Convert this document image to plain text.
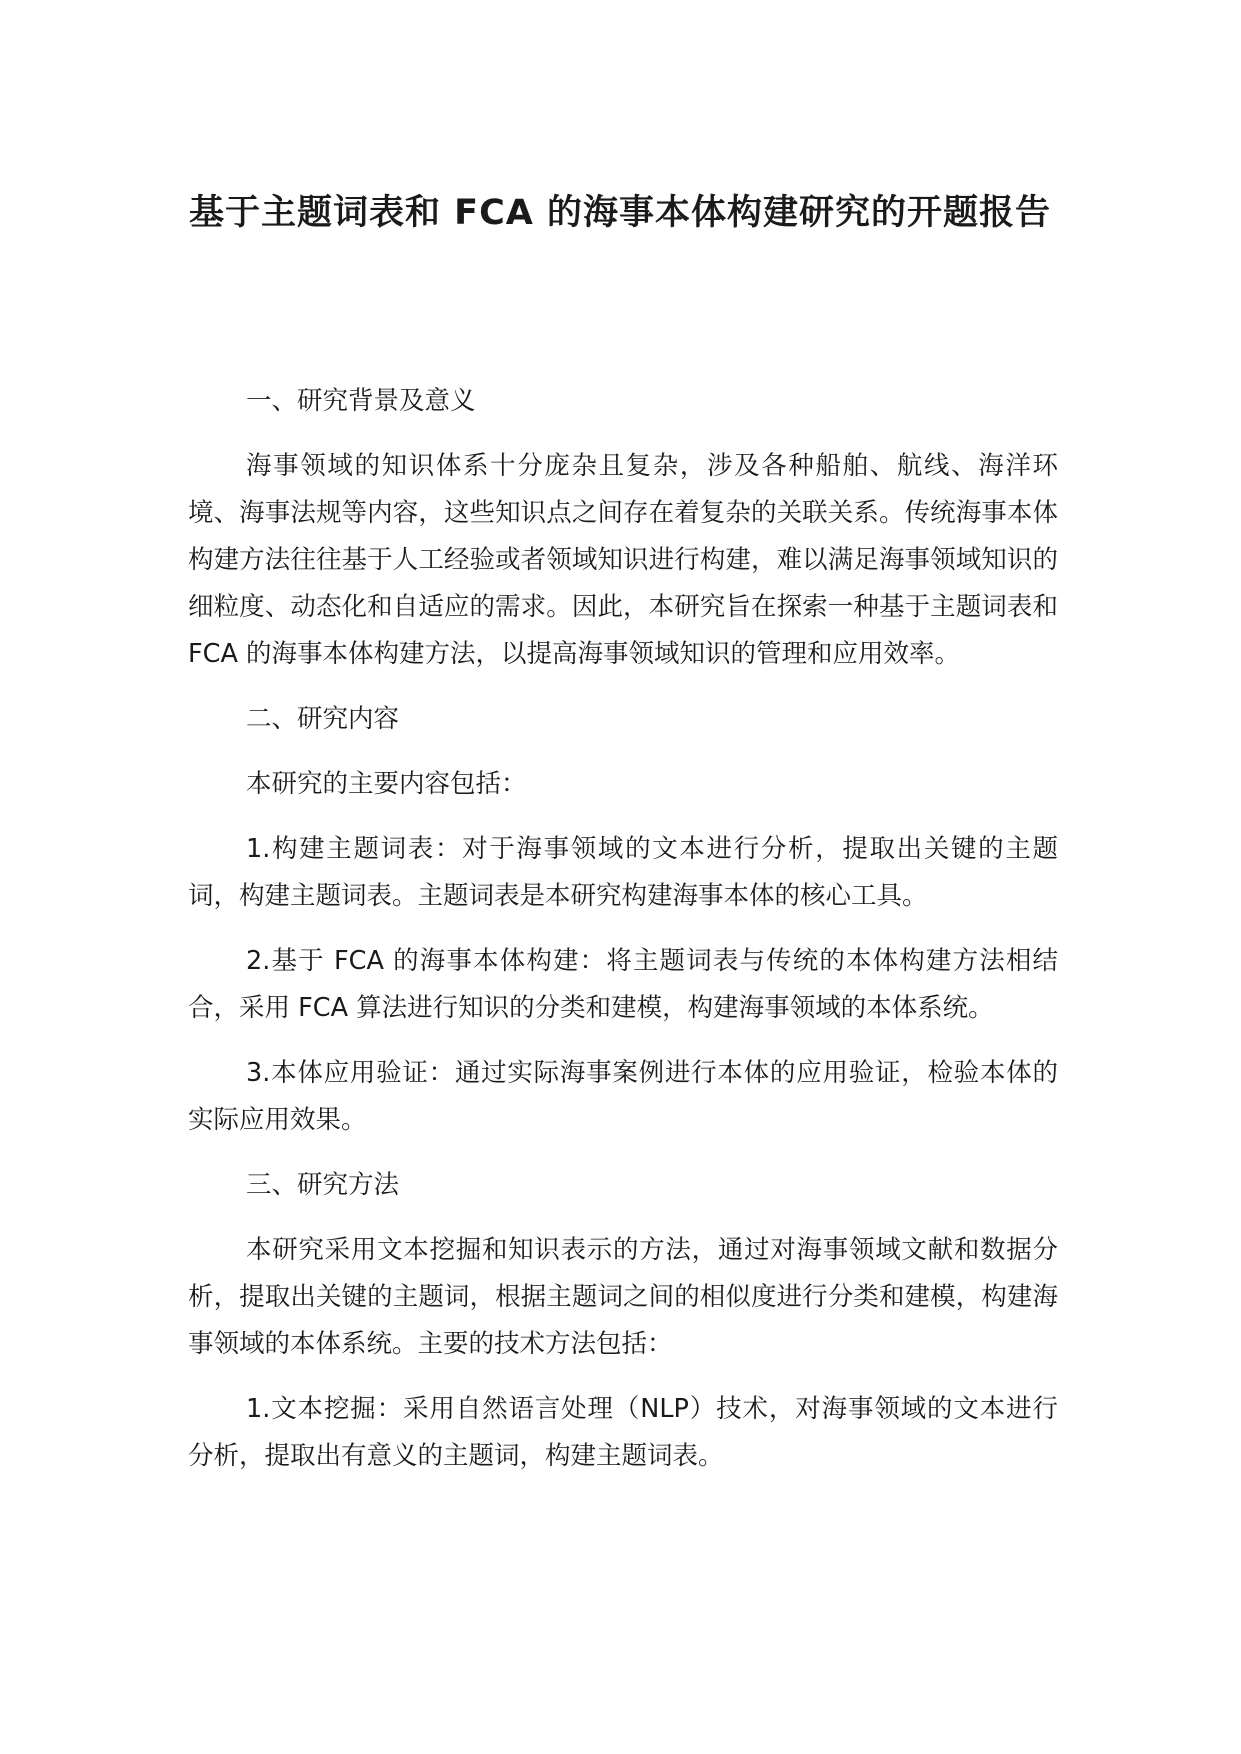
基于主题词表和 FCA 的海事本体构建研究的开题报告

一、研究背景及意义

海事领域的知识体系十分庞杂且复杂，涉及各种船舶、航线、海洋环境、海事法规等内容，这些知识点之间存在着复杂的关联关系。传统海事本体构建方法往往基于人工经验或者领域知识进行构建，难以满足海事领域知识的细粒度、动态化和自适应的需求。因此，本研究旨在探索一种基于主题词表和 FCA 的海事本体构建方法，以提高海事领域知识的管理和应用效率。

二、研究内容

本研究的主要内容包括：

1.构建主题词表：对于海事领域的文本进行分析，提取出关键的主题词，构建主题词表。主题词表是本研究构建海事本体的核心工具。

2.基于 FCA 的海事本体构建：将主题词表与传统的本体构建方法相结合，采用 FCA 算法进行知识的分类和建模，构建海事领域的本体系统。

3.本体应用验证：通过实际海事案例进行本体的应用验证，检验本体的实际应用效果。

三、研究方法

本研究采用文本挖掘和知识表示的方法，通过对海事领域文献和数据分析，提取出关键的主题词，根据主题词之间的相似度进行分类和建模，构建海事领域的本体系统。主要的技术方法包括：

1.文本挖掘：采用自然语言处理（NLP）技术，对海事领域的文本进行分析，提取出有意义的主题词，构建主题词表。
